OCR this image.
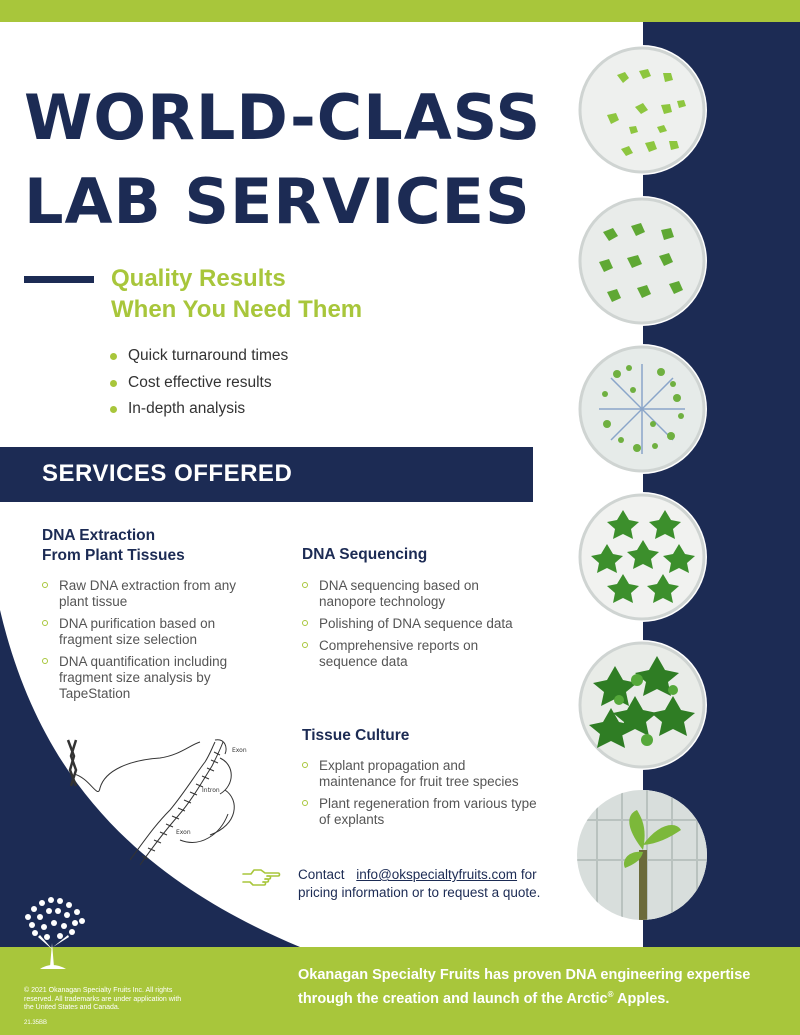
WORLD-CLASS
LAB SERVICES
Quality Results
When You Need Them
Quick turnaround times
Cost effective results
In-depth analysis
SERVICES OFFERED
DNA Extraction
From Plant Tissues
Raw DNA extraction from any plant tissue
DNA purification based on fragment size selection
DNA quantification including fragment size analysis by TapeStation
DNA Sequencing
DNA sequencing based on nanopore technology
Polishing of DNA sequence data
Comprehensive reports on sequence data
Tissue Culture
Explant propagation and maintenance for fruit tree species
Plant regeneration from various type of explants
Exon
Intron
Exon
Contact info@okspecialtyfruits.com for pricing information or to request a quote.
© 2021 Okanagan Specialty Fruits Inc. All rights reserved. All trademarks are under application with the United States and Canada.
21.35BB
Okanagan Specialty Fruits has proven DNA engineering expertise through the creation and launch of the Arctic® Apples.
